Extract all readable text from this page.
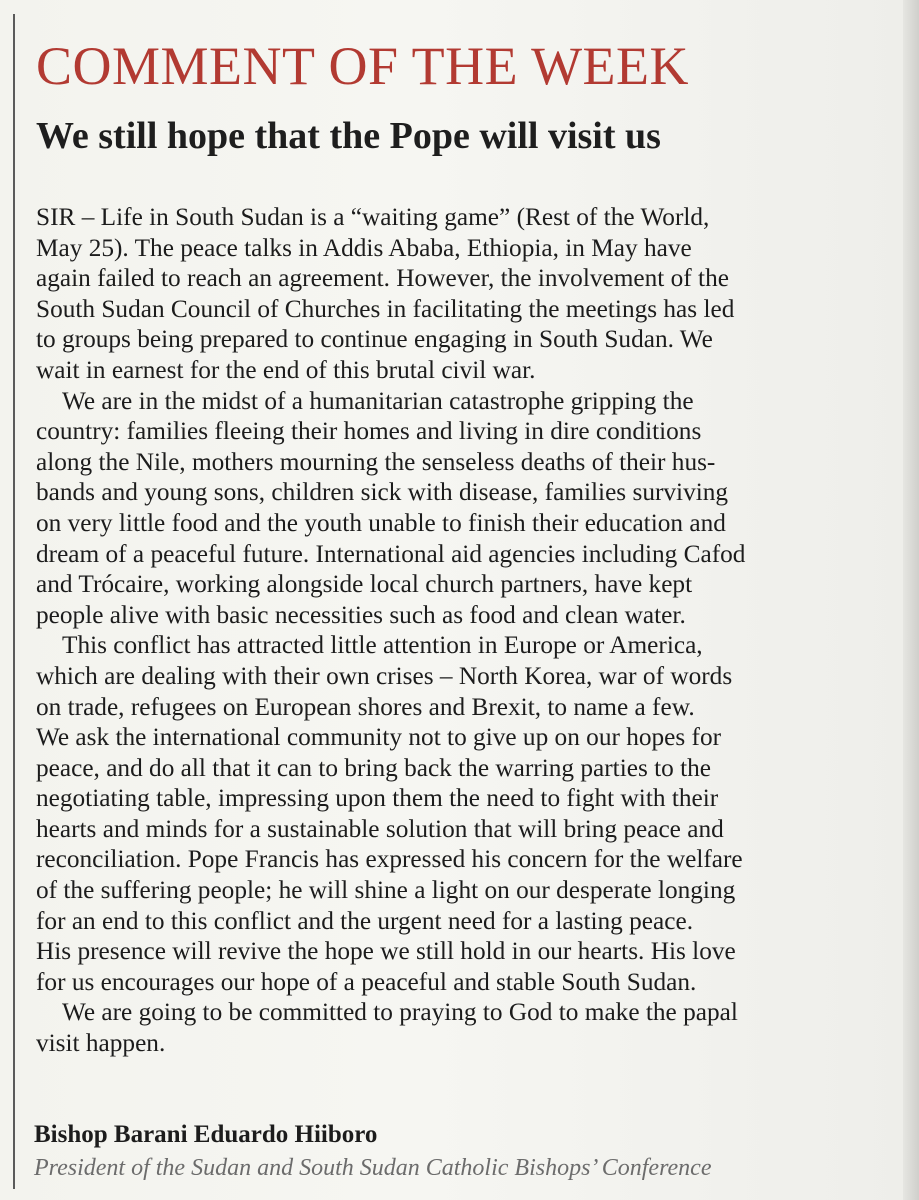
COMMENT OF THE WEEK
We still hope that the Pope will visit us
SIR – Life in South Sudan is a “waiting game” (Rest of the World,
May 25). The peace talks in Addis Ababa, Ethiopia, in May have
again failed to reach an agreement. However, the involvement of the
South Sudan Council of Churches in facilitating the meetings has led
to groups being prepared to continue engaging in South Sudan. We
wait in earnest for the end of this brutal civil war.
We are in the midst of a humanitarian catastrophe gripping the
country: families fleeing their homes and living in dire conditions
along the Nile, mothers mourning the senseless deaths of their hus-
bands and young sons, children sick with disease, families surviving
on very little food and the youth unable to finish their education and
dream of a peaceful future. International aid agencies including Cafod
and Trócaire, working alongside local church partners, have kept
people alive with basic necessities such as food and clean water.
This conflict has attracted little attention in Europe or America,
which are dealing with their own crises – North Korea, war of words
on trade, refugees on European shores and Brexit, to name a few.
We ask the international community not to give up on our hopes for
peace, and do all that it can to bring back the warring parties to the
negotiating table, impressing upon them the need to fight with their
hearts and minds for a sustainable solution that will bring peace and
reconciliation. Pope Francis has expressed his concern for the welfare
of the suffering people; he will shine a light on our desperate longing
for an end to this conflict and the urgent need for a lasting peace.
His presence will revive the hope we still hold in our hearts. His love
for us encourages our hope of a peaceful and stable South Sudan.
We are going to be committed to praying to God to make the papal
visit happen.
Bishop Barani Eduardo Hiiboro
President of the Sudan and South Sudan Catholic Bishops’ Conference
